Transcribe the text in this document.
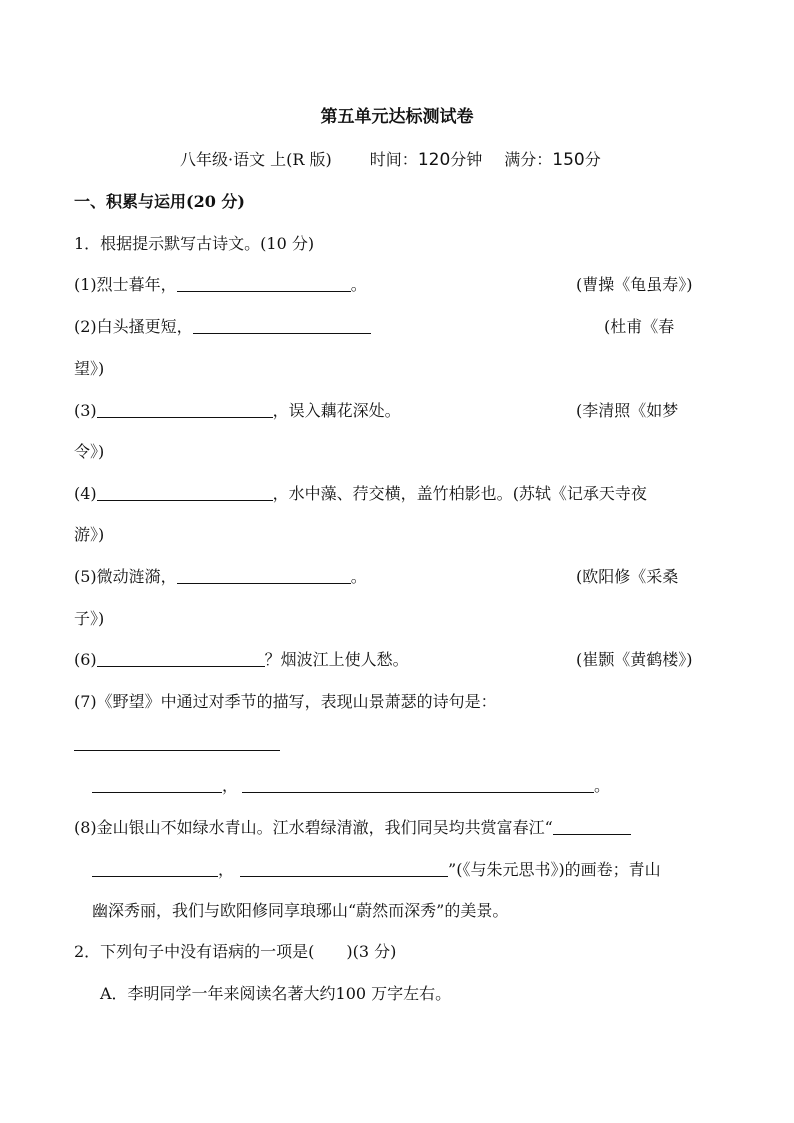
第五单元达标测试卷
八年级·语文 上(R 版) 时间：120分钟 满分：150分
一、积累与运用(20 分)
1．根据提示默写古诗文。(10 分)
(1)烈士暮年，	。	(曹操《龟虽寿》)
(2)白头搔更短，	(杜甫《春
望》)
(3)	，误入藕花深处。	(李清照《如梦
令》)
(4)	，水中藻、荇交横，盖竹柏影也。(苏轼《记承天寺夜
游》)
(5)微动涟漪，	。	(欧阳修《采桑
子》)
(6)	？烟波江上使人愁。	(崔颢《黄鹤楼》)
(7)《野望》中通过对季节的描写，表现山景萧瑟的诗句是：
，	。
(8)金山银山不如绿水青山。江水碧绿清澈，我们同吴均共赏富春江“
，	”(《与朱元思书》)的画卷；青山
幽深秀丽，我们与欧阳修同享琅琊山“蔚然而深秀”的美景。
2．下列句子中没有语病的一项是(　　)(3 分)
A．李明同学一年来阅读名著大约100 万字左右。
